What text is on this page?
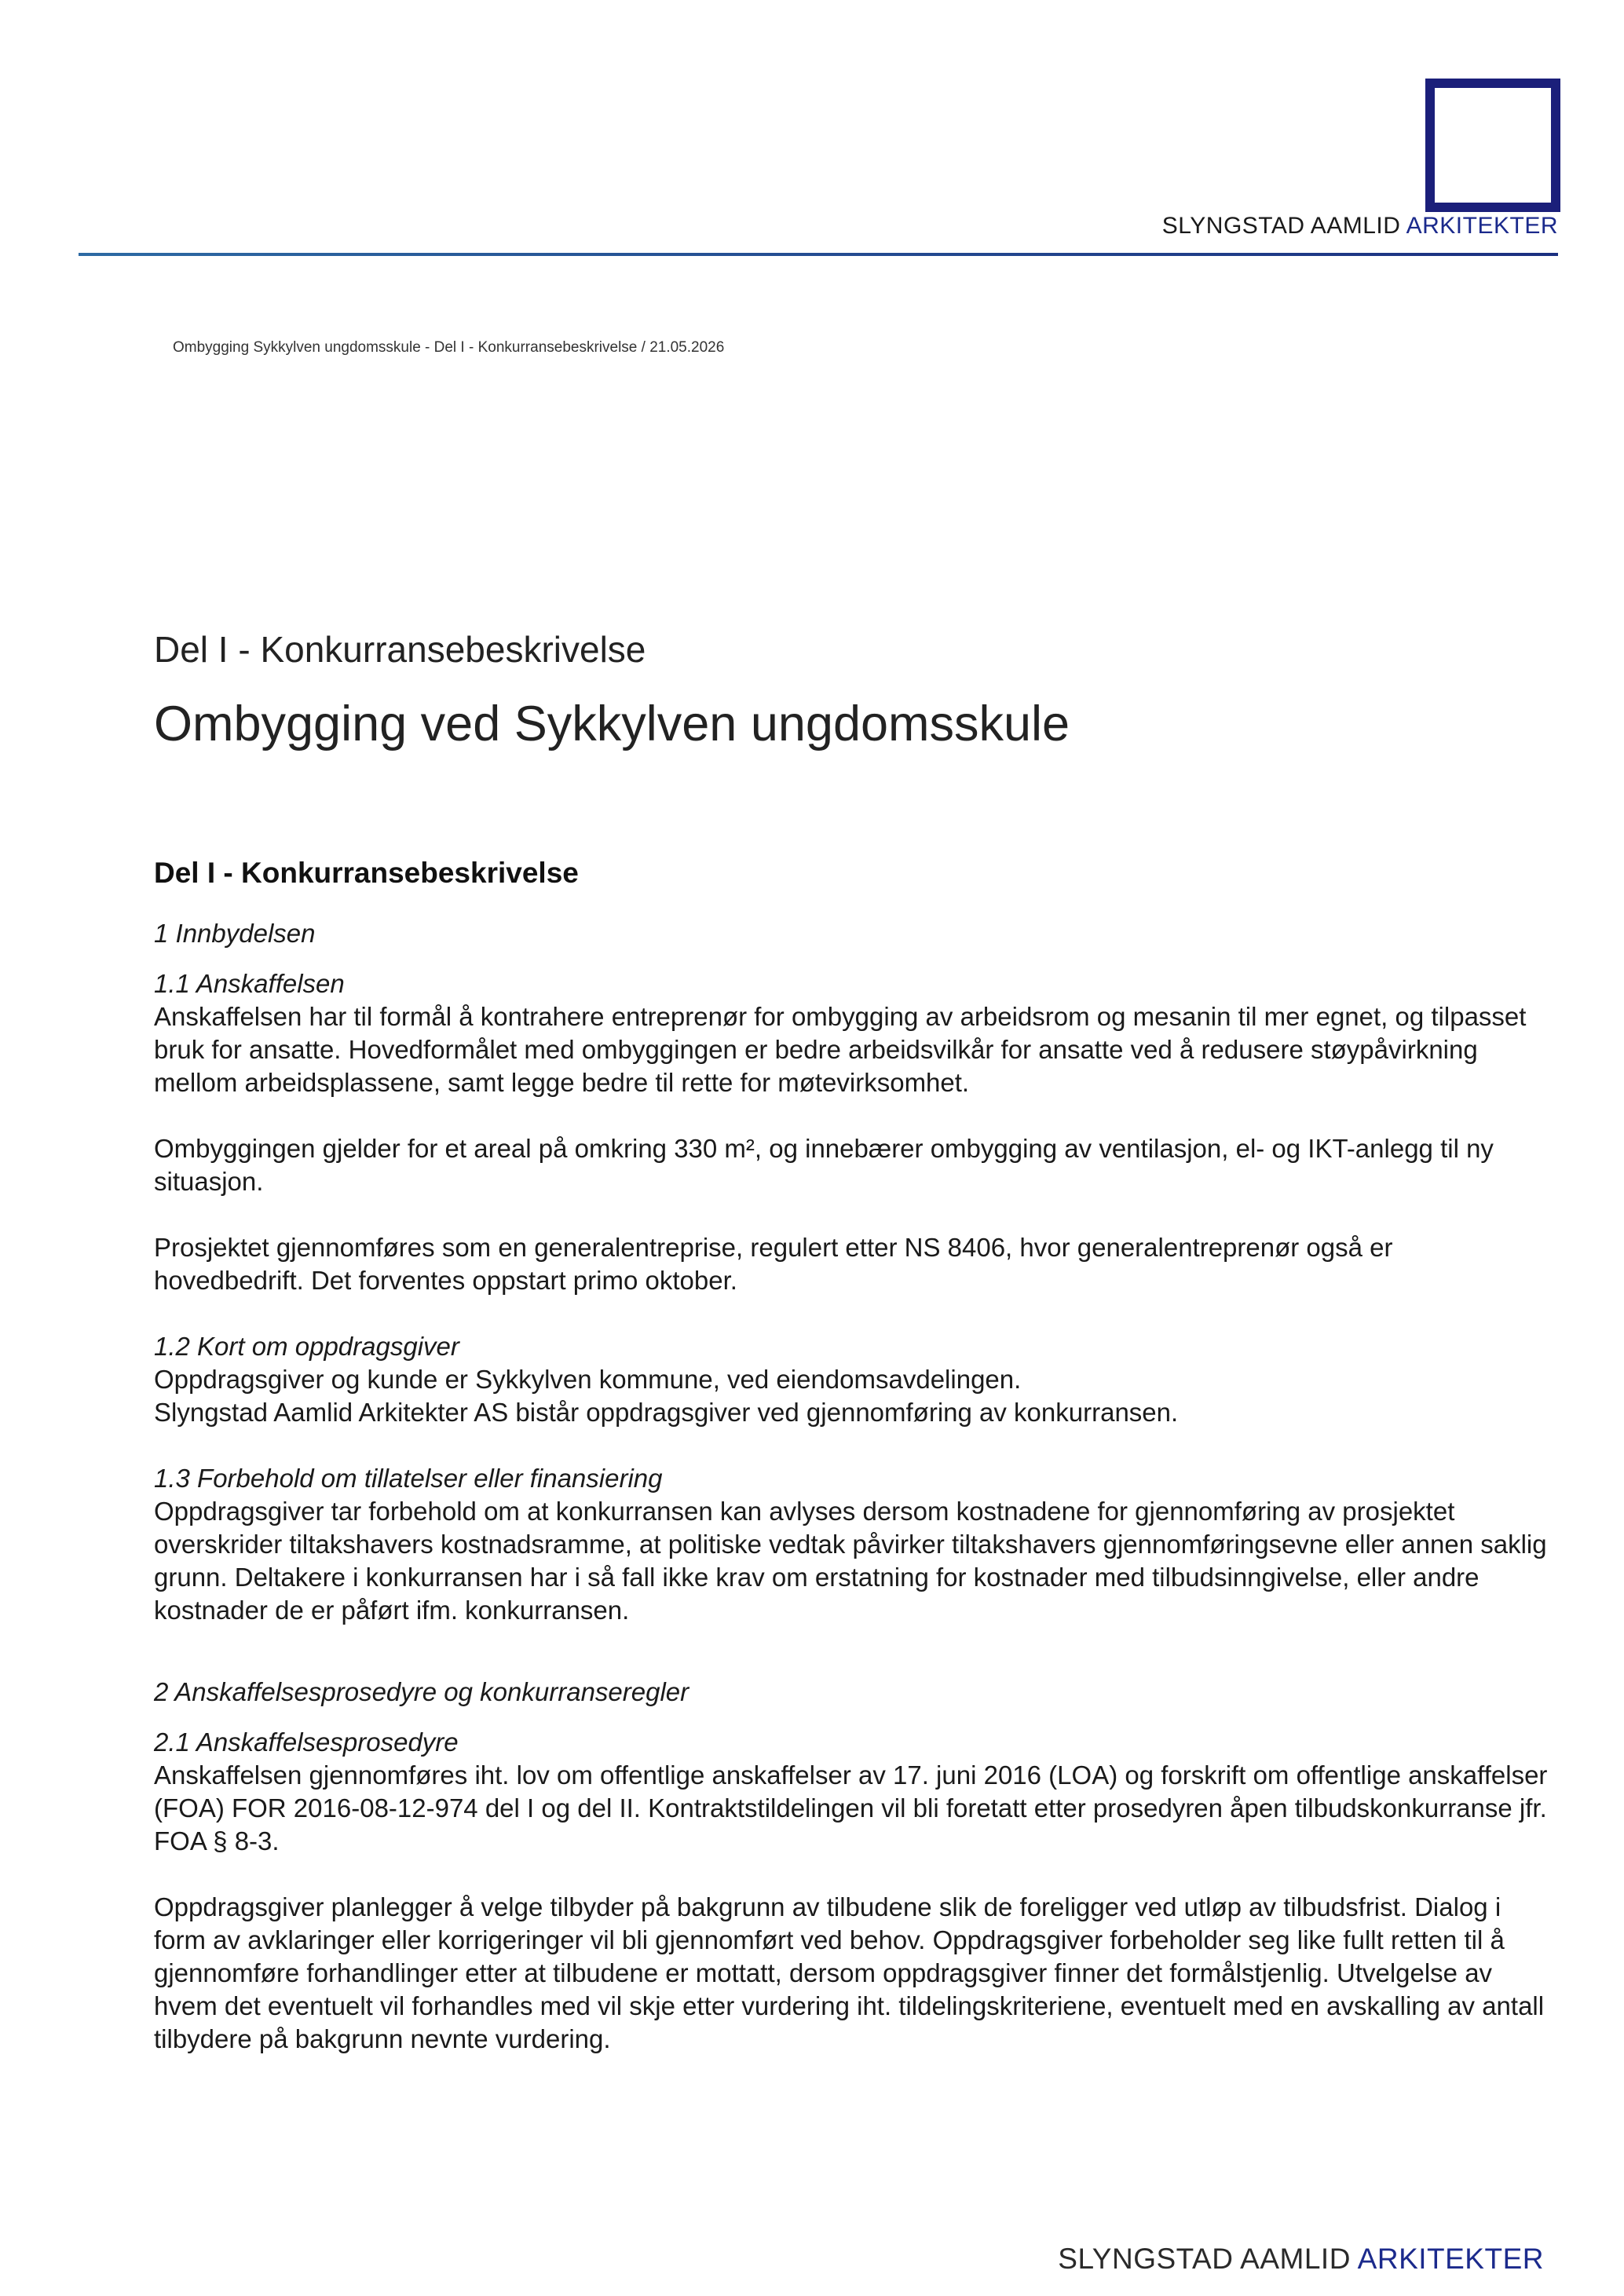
SLYNGSTAD AAMLID ARKITEKTER
Ombygging Sykkylven ungdomsskule - Del I - Konkurransebeskrivelse / 21.05.2026
Del I - Konkurransebeskrivelse
Ombygging ved Sykkylven ungdomsskule
Del I - Konkurransebeskrivelse
1 Innbydelsen
1.1 Anskaffelsen

Anskaffelsen har til formål å kontrahere entreprenør for ombygging av arbeidsrom og mesanin til mer egnet, og tilpasset bruk for ansatte. Hovedformålet med ombyggingen er bedre arbeidsvilkår for ansatte ved å redusere støypåvirkning mellom arbeidsplassene, samt legge bedre til rette for møtevirksomhet.

Ombyggingen gjelder for et areal på omkring 330 m², og innebærer ombygging av ventilasjon, el- og IKT-anlegg til ny situasjon.

Prosjektet gjennomføres som en generalentreprise, regulert etter NS 8406, hvor generalentreprenør også er hovedbedrift. Det forventes oppstart primo oktober.

1.2 Kort om oppdragsgiver

Oppdragsgiver og kunde er Sykkylven kommune, ved eiendomsavdelingen.

Slyngstad Aamlid Arkitekter AS bistår oppdragsgiver ved gjennomføring av konkurransen.

1.3 Forbehold om tillatelser eller finansiering

Oppdragsgiver tar forbehold om at konkurransen kan avlyses dersom kostnadene for gjennomføring av prosjektet overskrider tiltakshavers kostnadsramme, at politiske vedtak påvirker tiltakshavers gjennomføringsevne eller annen saklig grunn. Deltakere i konkurransen har i så fall ikke krav om erstatning for kostnader med tilbudsinngivelse, eller andre kostnader de er påført ifm. konkurransen.

2 Anskaffelsesprosedyre og konkurranseregler
2.1 Anskaffelsesprosedyre

Anskaffelsen gjennomføres iht. lov om offentlige anskaffelser av 17. juni 2016 (LOA) og forskrift om offentlige anskaffelser (FOA) FOR 2016-08-12-974 del I og del II. Kontraktstildelingen vil bli foretatt etter prosedyren åpen tilbudskonkurranse jfr. FOA § 8-3.

Oppdragsgiver planlegger å velge tilbyder på bakgrunn av tilbudene slik de foreligger ved utløp av tilbudsfrist. Dialog i form av avklaringer eller korrigeringer vil bli gjennomført ved behov. Oppdragsgiver forbeholder seg like fullt retten til å gjennomføre forhandlinger etter at tilbudene er mottatt, dersom oppdragsgiver finner det formålstjenlig. Utvelgelse av hvem det eventuelt vil forhandles med vil skje etter vurdering iht. tildelingskriteriene, eventuelt med en avskalling av antall tilbydere på bakgrunn nevnte vurdering.

SLYNGSTAD AAMLID ARKITEKTER
